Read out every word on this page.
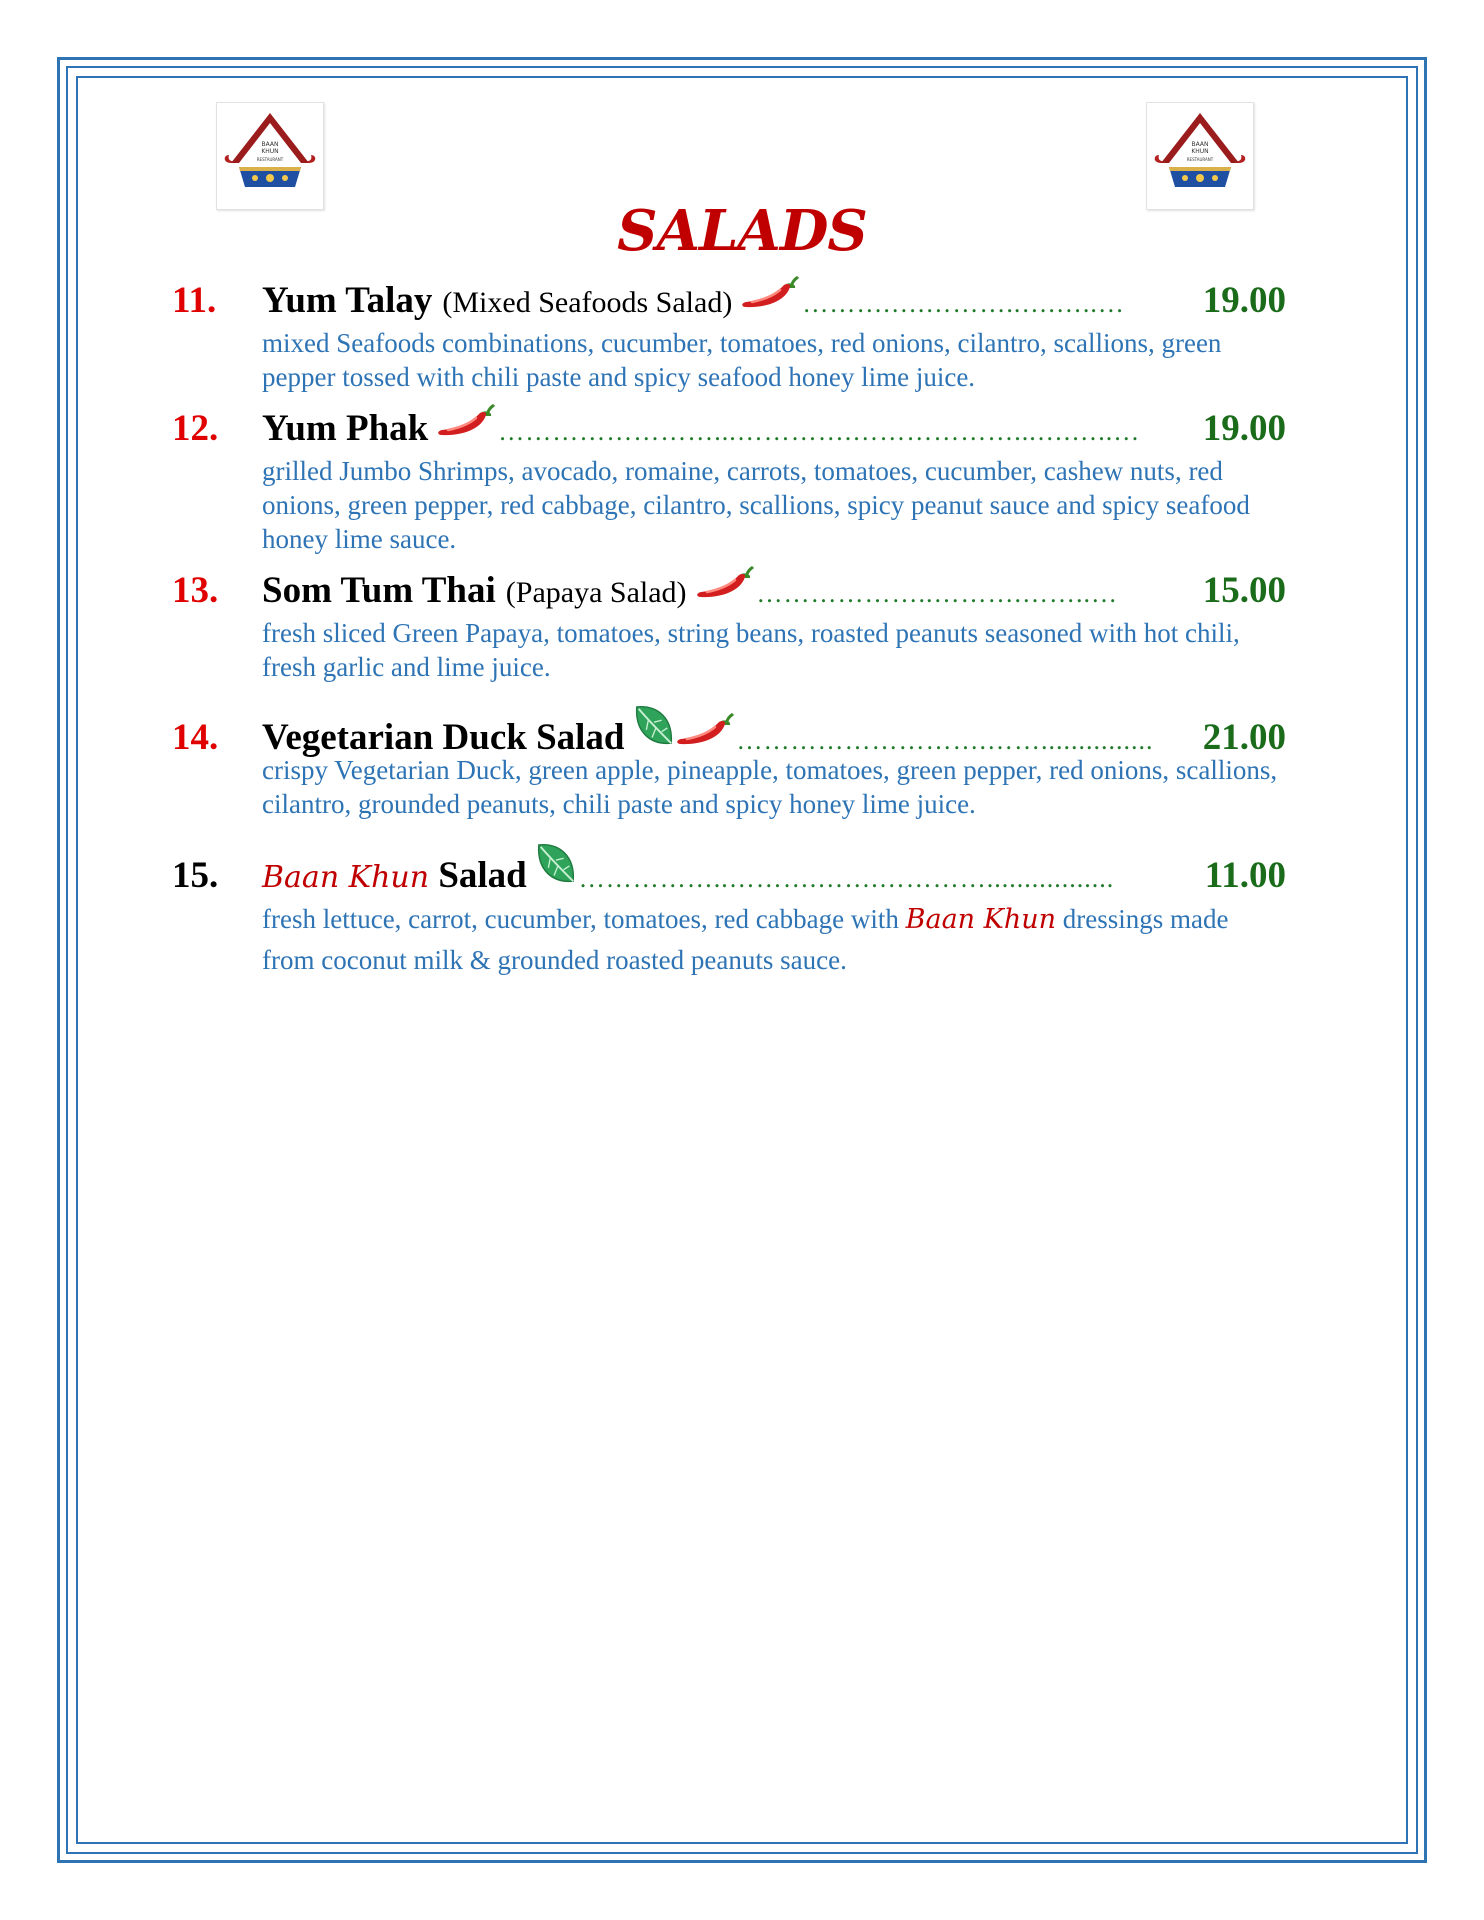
BAAN
KHUN
RESTAURANT
BAAN
KHUN
RESTAURANT
SALADS
11.	Yum Talay (Mixed Seafoods Salad)	……….….………..….…..…	19.00
mixed Seafoods combinations, cucumber, tomatoes, red onions, cilantro, scallions, green pepper tossed with chili paste and spicy seafood honey lime juice.
12.	Yum Phak	……………………...………….………………...….…..…	19.00
grilled Jumbo Shrimps, avocado, romaine, carrots, tomatoes, cucumber, cashew nuts, red onions, green pepper, red cabbage, cilantro, scallions, spicy peanut sauce and spicy seafood honey lime sauce.
13.	Som Tum Thai (Papaya Salad)	………………..……….……..…	15.00
fresh sliced Green Papaya, tomatoes, string beans, roasted peanuts seasoned with hot chili, fresh garlic and lime juice.
14.	Vegetarian Duck Salad	……………………….……...............	21.00
crispy Vegetarian Duck, green apple, pineapple, tomatoes, green pepper, red onions, scallions, cilantro, grounded peanuts, chili paste and spicy honey lime juice.
15.	Baan Khun Salad ……………..……….…….………….................	11.00
fresh lettuce, carrot, cucumber, tomatoes, red cabbage with Baan Khun dressings made from coconut milk & grounded roasted peanuts sauce.
